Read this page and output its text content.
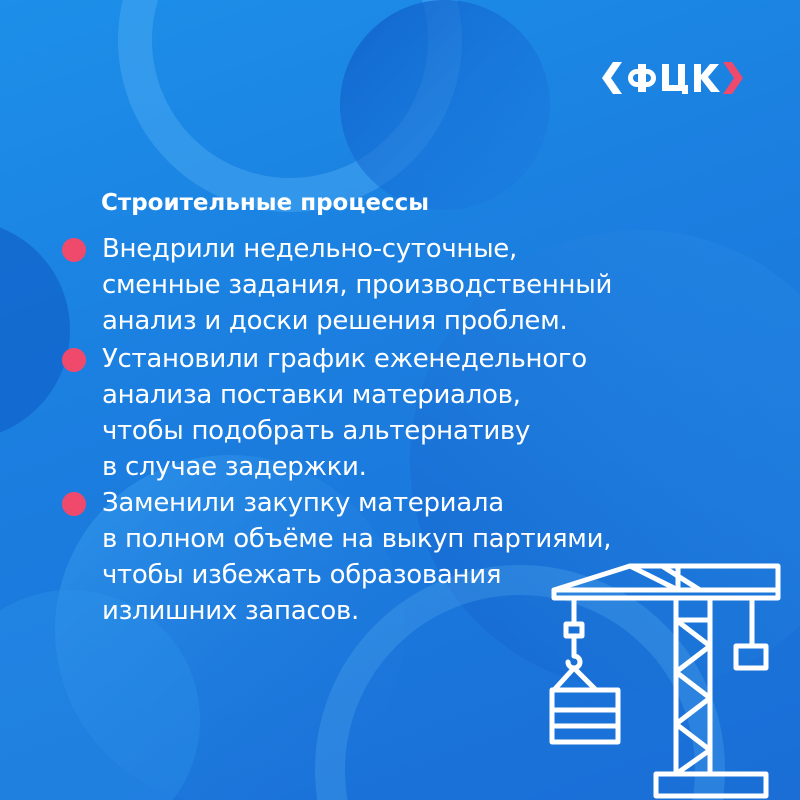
ФЦК
Строительные процессы

Внедрили недельно-суточные,
сменные задания, производственный
анализ и доски решения проблем.

Установили график еженедельного
анализа поставки материалов,
чтобы подобрать альтернативу
в случае задержки.

Заменили закупку материала
в полном объёме на выкуп партиями,
чтобы избежать образования
излишних запасов.
